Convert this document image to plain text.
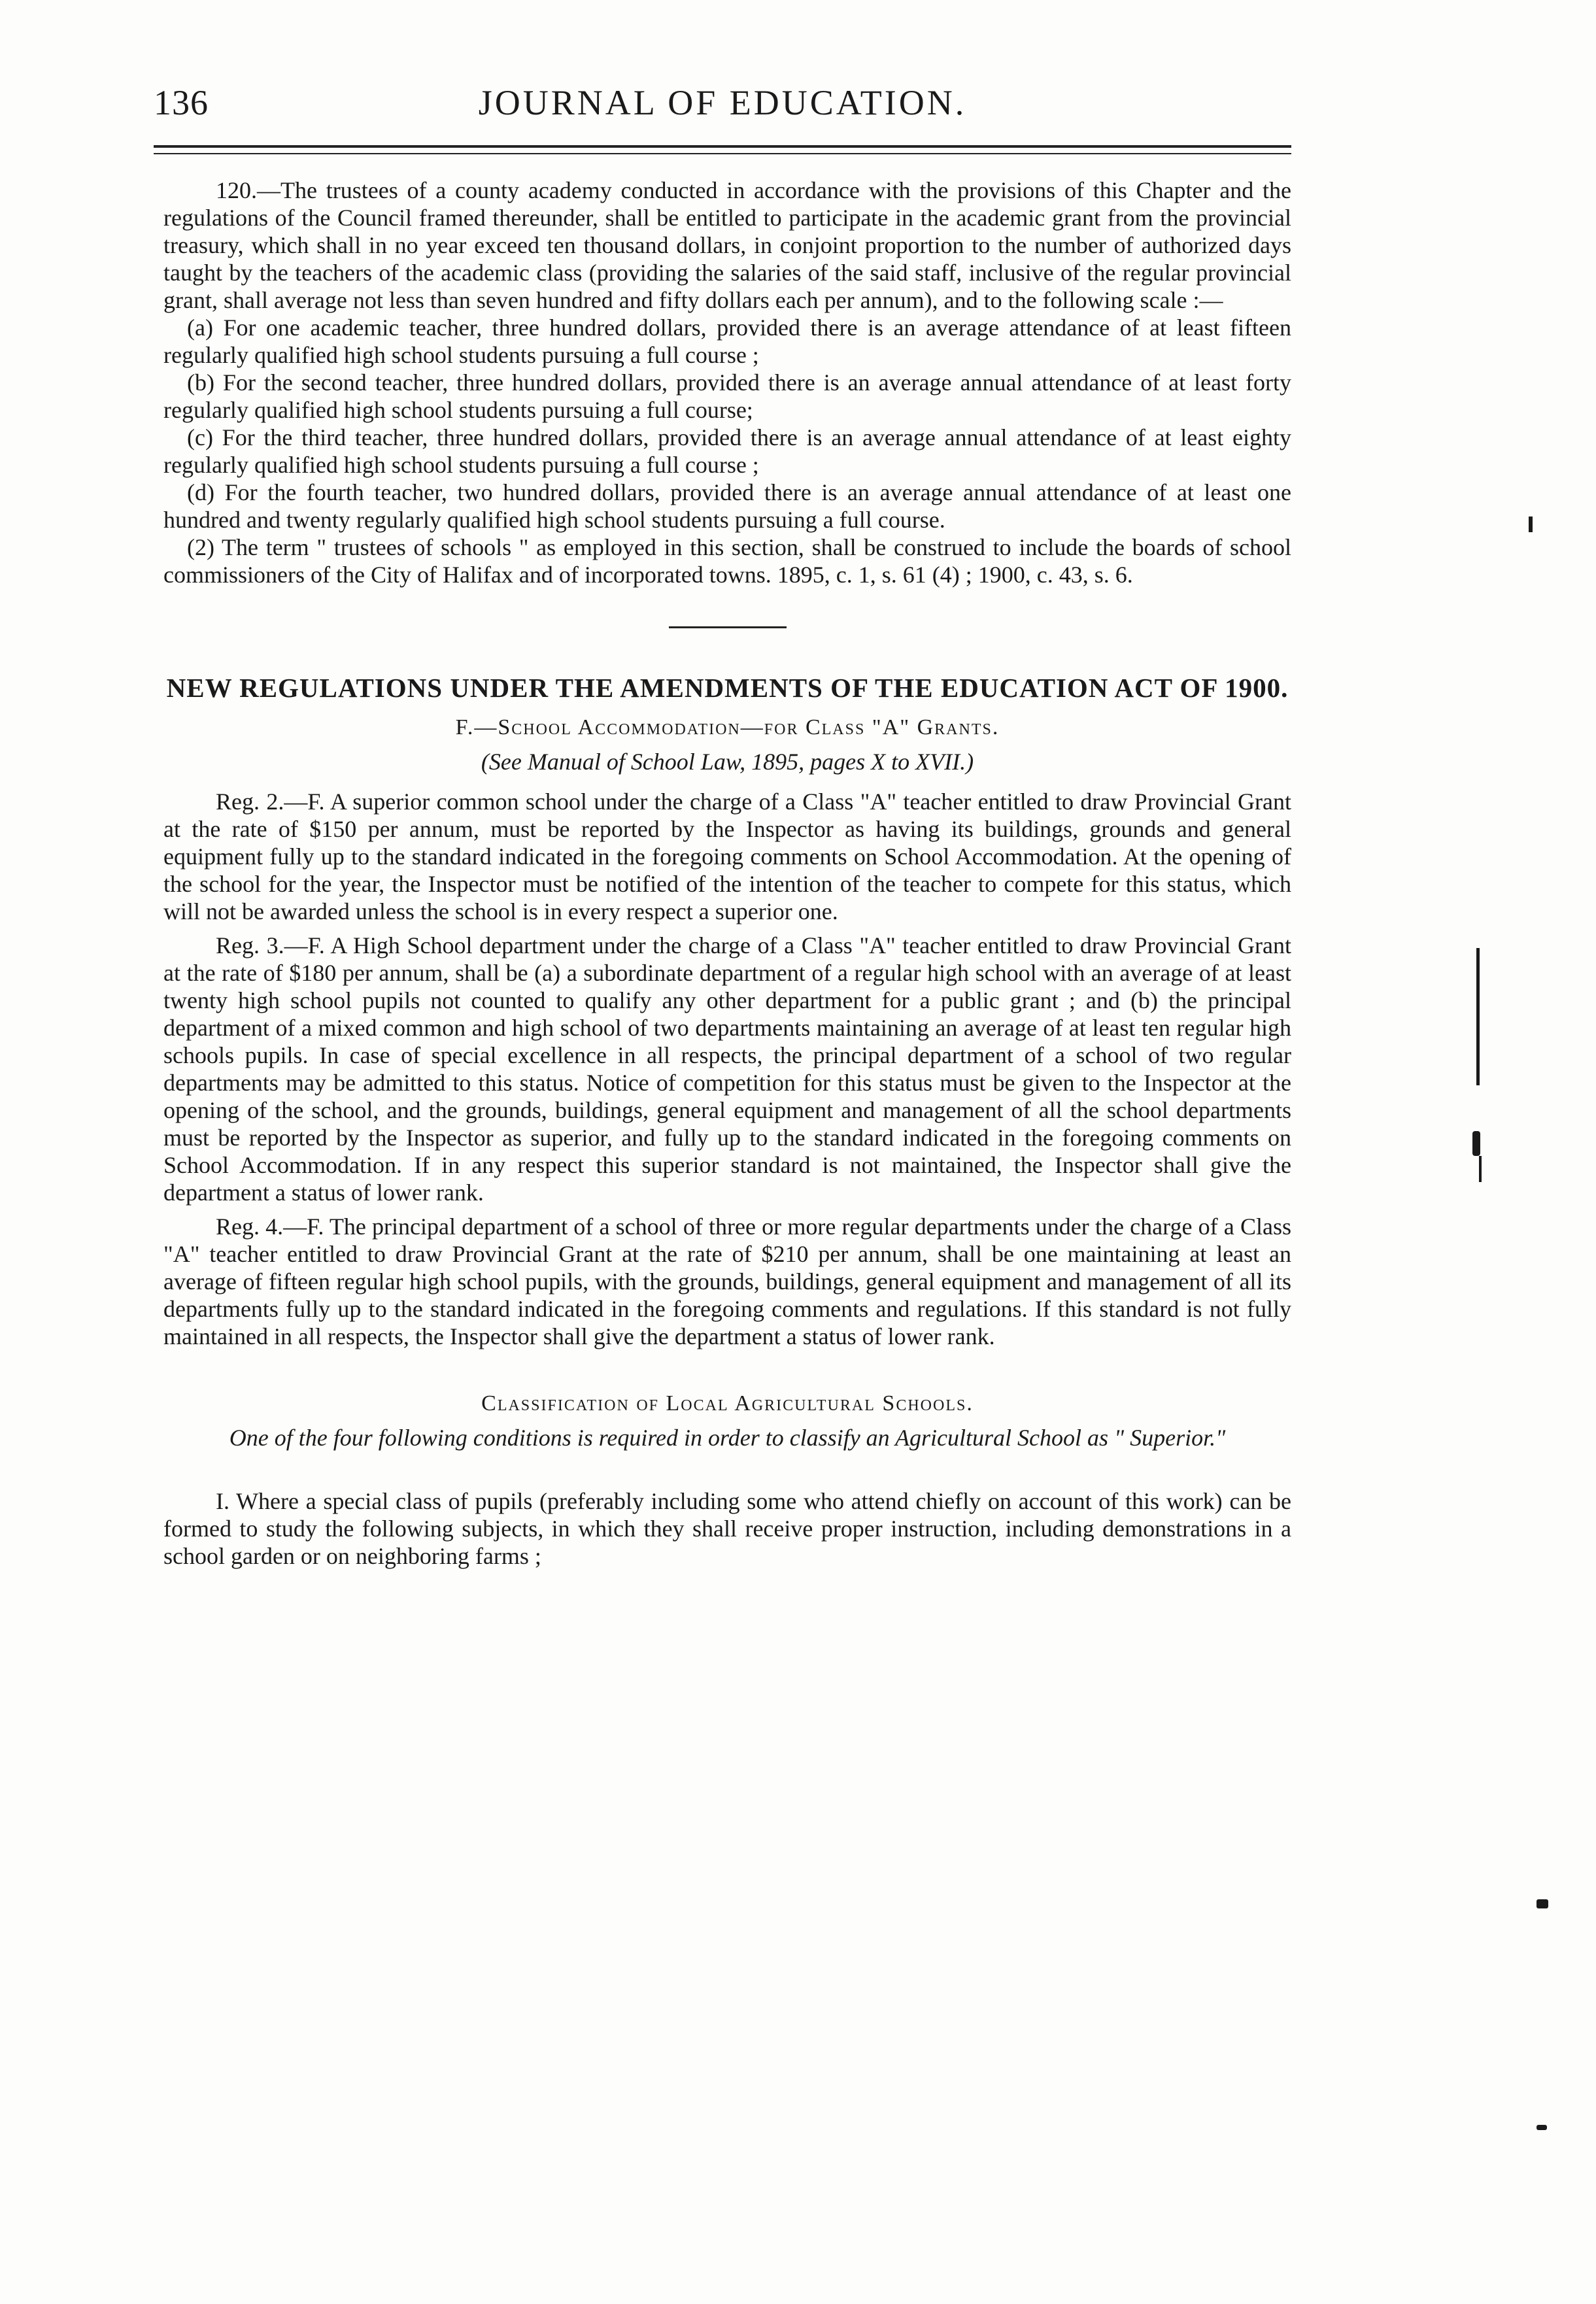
136	JOURNAL OF EDUCATION.

120.—The trustees of a county academy conducted in accordance with the provisions of this Chapter and the regulations of the Council framed thereunder, shall be entitled to participate in the academic grant from the provincial treasury, which shall in no year exceed ten thousand dollars, in conjoint proportion to the number of authorized days taught by the teachers of the academic class (providing the salaries of the said staff, inclusive of the regular provincial grant, shall average not less than seven hundred and fifty dollars each per annum), and to the following scale :—

(a) For one academic teacher, three hundred dollars, provided there is an average attendance of at least fifteen regularly qualified high school students pursuing a full course ;

(b) For the second teacher, three hundred dollars, provided there is an average annual attendance of at least forty regularly qualified high school students pursuing a full course;

(c) For the third teacher, three hundred dollars, provided there is an average annual attendance of at least eighty regularly qualified high school students pursuing a full course ;

(d) For the fourth teacher, two hundred dollars, provided there is an average annual attendance of at least one hundred and twenty regularly qualified high school students pursuing a full course.

(2) The term " trustees of schools " as employed in this section, shall be construed to include the boards of school commissioners of the City of Halifax and of incorporated towns. 1895, c. 1, s. 61 (4) ; 1900, c. 43, s. 6.

NEW REGULATIONS UNDER THE AMENDMENTS OF THE EDUCATION ACT OF 1900.
F.—School Accommodation—for Class "A" Grants.
(See Manual of School Law, 1895, pages X to XVII.)

Reg. 2.—F. A superior common school under the charge of a Class "A" teacher entitled to draw Provincial Grant at the rate of $150 per annum, must be reported by the Inspector as having its buildings, grounds and general equipment fully up to the standard indicated in the foregoing comments on School Accommodation. At the opening of the school for the year, the Inspector must be notified of the intention of the teacher to compete for this status, which will not be awarded unless the school is in every respect a superior one.

Reg. 3.—F. A High School department under the charge of a Class "A" teacher entitled to draw Provincial Grant at the rate of $180 per annum, shall be (a) a subordinate department of a regular high school with an average of at least twenty high school pupils not counted to qualify any other department for a public grant ; and (b) the principal department of a mixed common and high school of two departments maintaining an average of at least ten regular high schools pupils. In case of special excellence in all respects, the principal department of a school of two regular departments may be admitted to this status. Notice of competition for this status must be given to the Inspector at the opening of the school, and the grounds, buildings, general equipment and management of all the school departments must be reported by the Inspector as superior, and fully up to the standard indicated in the foregoing comments on School Accommodation. If in any respect this superior standard is not maintained, the Inspector shall give the department a status of lower rank.

Reg. 4.—F. The principal department of a school of three or more regular departments under the charge of a Class "A" teacher entitled to draw Provincial Grant at the rate of $210 per annum, shall be one maintaining at least an average of fifteen regular high school pupils, with the grounds, buildings, general equipment and management of all its departments fully up to the standard indicated in the foregoing comments and regulations. If this standard is not fully maintained in all respects, the Inspector shall give the department a status of lower rank.

Classification of Local Agricultural Schools.
One of the four following conditions is required in order to classify an Agricultural School as " Superior."

I. Where a special class of pupils (preferably including some who attend chiefly on account of this work) can be formed to study the following subjects, in which they shall receive proper instruction, including demonstrations in a school garden or on neighboring farms ;
